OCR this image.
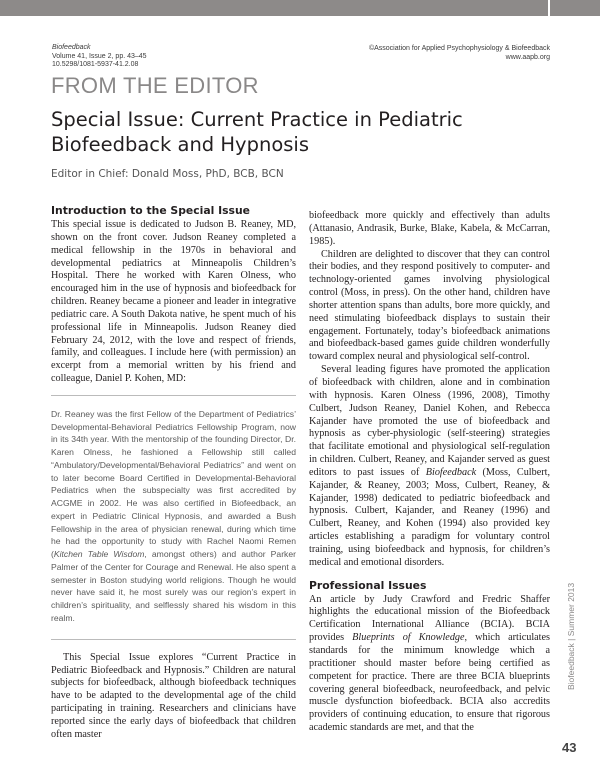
Biofeedback
Volume 41, Issue 2, pp. 43–45
10.5298/1081-5937-41.2.08
©Association for Applied Psychophysiology & Biofeedback
www.aapb.org
FROM THE EDITOR
Special Issue: Current Practice in Pediatric Biofeedback and Hypnosis
Editor in Chief: Donald Moss, PhD, BCB, BCN
Introduction to the Special Issue

This special issue is dedicated to Judson B. Reaney, MD, shown on the front cover. Judson Reaney completed a medical fellowship in the 1970s in behavioral and developmental pediatrics at Minneapolis Children’s Hospital. There he worked with Karen Olness, who encouraged him in the use of hypnosis and biofeedback for children. Reaney became a pioneer and leader in integrative pediatric care. A South Dakota native, he spent much of his professional life in Minneapolis. Judson Reaney died February 24, 2012, with the love and respect of friends, family, and colleagues. I include here (with permission) an excerpt from a memorial written by his friend and colleague, Daniel P. Kohen, MD:

Dr. Reaney was the first Fellow of the Department of Pediatrics’ Developmental-Behavioral Pediatrics Fellowship Program, now in its 34th year. With the mentorship of the founding Director, Dr. Karen Olness, he fashioned a Fellowship still called “Ambulatory/Developmental/Behavioral Pediatrics” and went on to later become Board Certified in Developmental-Behavioral Pediatrics when the subspecialty was first accredited by ACGME in 2002. He was also certified in Biofeedback, an expert in Pediatric Clinical Hypnosis, and awarded a Bush Fellowship in the area of physician renewal, during which time he had the opportunity to study with Rachel Naomi Remen (Kitchen Table Wisdom, amongst others) and author Parker Palmer of the Center for Courage and Renewal. He also spent a semester in Boston studying world religions. Though he would never have said it, he most surely was our region’s expert in children’s spirituality, and selflessly shared his wisdom in this realm.

This Special Issue explores “Current Practice in Pediatric Biofeedback and Hypnosis.” Children are natural subjects for biofeedback, although biofeedback techniques have to be adapted to the developmental age of the child participating in training. Researchers and clinicians have reported since the early days of biofeedback that children often master

biofeedback more quickly and effectively than adults (Attanasio, Andrasik, Burke, Blake, Kabela, & McCarran, 1985).

Children are delighted to discover that they can control their bodies, and they respond positively to computer- and technology-oriented games involving physiological control (Moss, in press). On the other hand, children have shorter attention spans than adults, bore more quickly, and need stimulating biofeedback displays to sustain their engagement. Fortunately, today’s biofeedback animations and biofeedback-based games guide children wonderfully toward complex neural and physiological self-control.

Several leading figures have promoted the application of biofeedback with children, alone and in combination with hypnosis. Karen Olness (1996, 2008), Timothy Culbert, Judson Reaney, Daniel Kohen, and Rebecca Kajander have promoted the use of biofeedback and hypnosis as cyber-physiologic (self-steering) strategies that facilitate emotional and physiological self-regulation in children. Culbert, Reaney, and Kajander served as guest editors to past issues of Biofeedback (Moss, Culbert, Kajander, & Reaney, 2003; Moss, Culbert, Reaney, & Kajander, 1998) dedicated to pediatric biofeedback and hypnosis. Culbert, Kajander, and Reaney (1996) and Culbert, Reaney, and Kohen (1994) also provided key articles establishing a paradigm for voluntary control training, using biofeedback and hypnosis, for children’s medical and emotional disorders.

Professional Issues

An article by Judy Crawford and Fredric Shaffer highlights the educational mission of the Biofeedback Certification International Alliance (BCIA). BCIA provides Blueprints of Knowledge, which articulates standards for the minimum knowledge which a practitioner should master before being certified as competent for practice. There are three BCIA blueprints covering general biofeedback, neurofeedback, and pelvic muscle dysfunction biofeedback. BCIA also accredits providers of continuing education, to ensure that rigorous academic standards are met, and that the

Biofeedback | Summer 2013
43
